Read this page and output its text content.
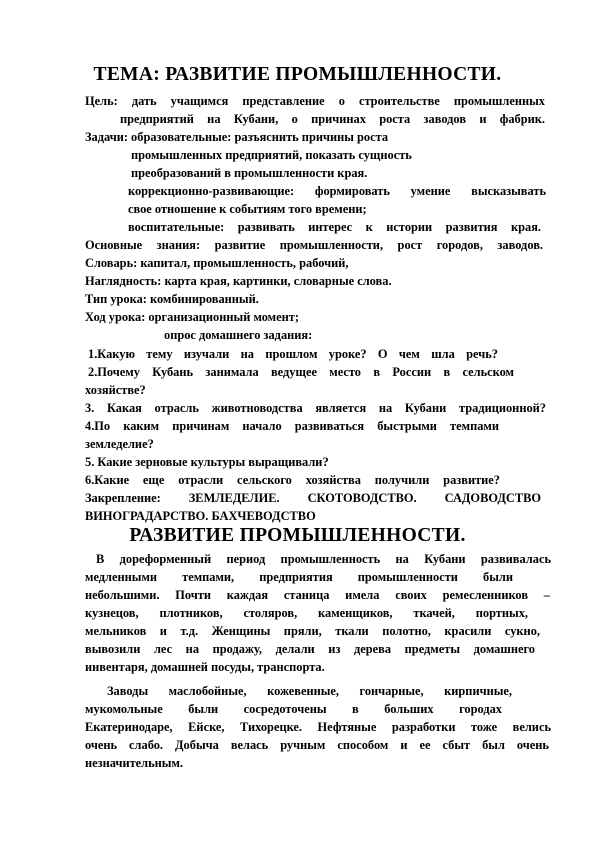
ТЕМА: РАЗВИТИЕ ПРОМЫШЛЕННОСТИ.
Цель: дать учащимся представление о строительстве промышленных
предприятий на Кубани, о причинах роста заводов и фабрик.
Задачи: образовательные: разъяснить причины роста
промышленных предприятий, показать сущность
преобразований в промышленности края.
коррекционно-развивающие: формировать умение высказывать
свое отношение к событиям того времени;
воспитательные: развивать интерес к истории развития края.
Основные знания: развитие промышленности, рост городов, заводов.
Словарь: капитал, промышленность, рабочий,
Наглядность: карта края, картинки, словарные слова.
Тип урока: комбинированный.
Ход урока: организационный момент;
опрос домашнего задания:
1.Какую тему изучали на прошлом уроке? О чем шла речь?
2.Почему Кубань занимала ведущее место в России в сельском
хозяйстве?
3. Какая отрасль животноводства является на Кубани традиционной?
4.По каким причинам начало развиваться быстрыми темпами
земледелие?
5. Какие зерновые культуры выращивали?
6.Какие еще отрасли сельского хозяйства получили развитие?
Закрепление: ЗЕМЛЕДЕЛИЕ. СКОТОВОДСТВО. САДОВОДСТВО
ВИНОГРАДАРСТВО. БАХЧЕВОДСТВО
РАЗВИТИЕ ПРОМЫШЛЕННОСТИ.
В дореформенный период промышленность на Кубани развивалась
медленными темпами, предприятия промышленности были
небольшими. Почти каждая станица имела своих ремесленников –
кузнецов, плотников, столяров, каменщиков, ткачей, портных,
мельников и т.д. Женщины пряли, ткали полотно, красили сукно,
вывозили лес на продажу, делали из дерева предметы домашнего
инвентаря, домашней посуды, транспорта.
Заводы маслобойные, кожевенные, гончарные, кирпичные,
мукомольные были сосредоточены в больших городах
Екатеринодаре, Ейске, Тихорецке. Нефтяные разработки тоже велись
очень слабо. Добыча велась ручным способом и ее сбыт был очень
незначительным.
